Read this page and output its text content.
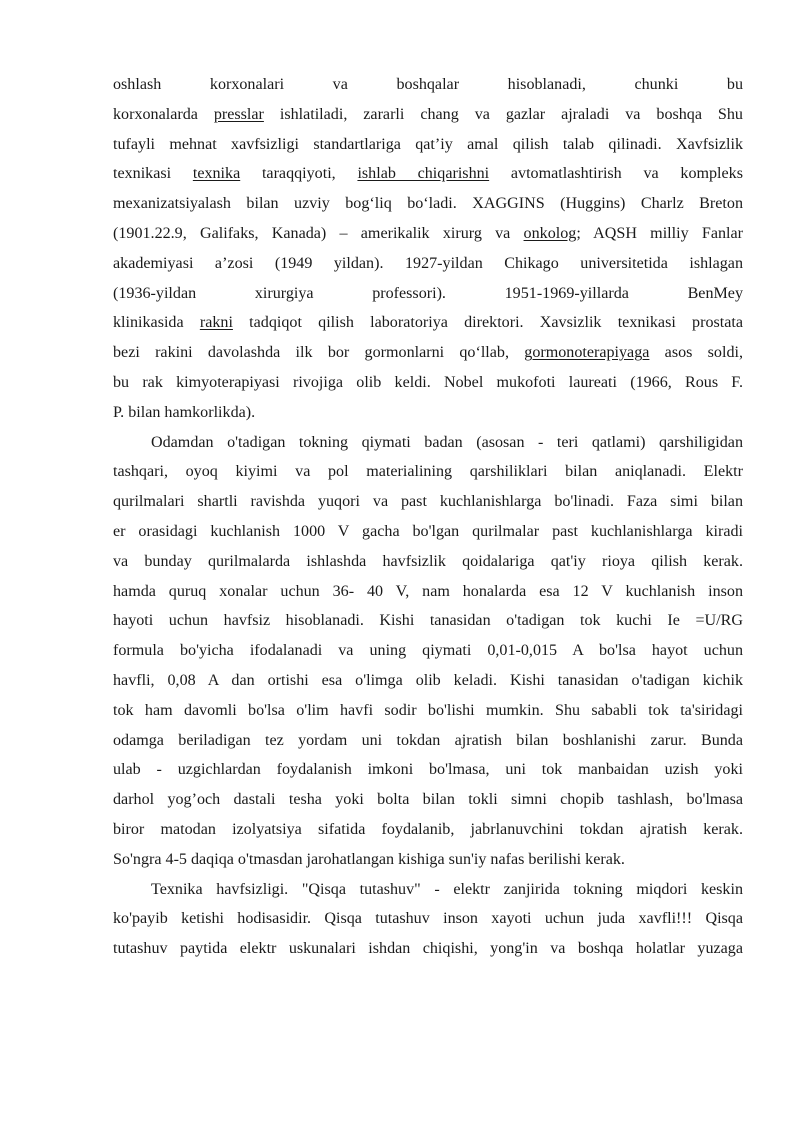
oshlash korxonalari va boshqalar hisoblanadi, chunki bu
korxonalarda presslar ishlatiladi, zararli chang va gazlar ajraladi va boshqa Shu
tufayli mehnat xavfsizligi standartlariga qat’iy amal qilish talab qilinadi. Xavfsizlik
texnikasi texnika taraqqiyoti, ishlab chiqarishni avtomatlashtirish va kompleks
mexanizatsiyalash bilan uzviy bog‘liq bo‘ladi. XAGGINS (Huggins) Charlz Breton
(1901.22.9, Galifaks, Kanada) – amerikalik xirurg va onkolog; AQSH milliy Fanlar
akademiyasi a’zosi (1949 yildan). 1927-yildan Chikago universitetida ishlagan
(1936-yildan xirurgiya professori). 1951-1969-yillarda BenMey
klinikasida rakni tadqiqot qilish laboratoriya direktori. Xavsizlik texnikasi prostata
bezi rakini davolashda ilk bor gormonlarni qo‘llab, gormonoterapiyaga asos soldi,
bu rak kimyoterapiyasi rivojiga olib keldi. Nobel mukofoti laureati (1966, Rous F.
P. bilan hamkorlikda).
Odamdan o'tadigan tokning qiymati badan (asosan - teri qatlami) qarshiligidan
tashqari, oyoq kiyimi va pol materialining qarshiliklari bilan aniqlanadi. Elektr
qurilmalari shartli ravishda yuqori va past kuchlanishlarga bo'linadi. Faza simi bilan
er orasidagi kuchlanish 1000 V gacha bo'lgan qurilmalar past kuchlanishlarga kiradi
va bunday qurilmalarda ishlashda havfsizlik qoidalariga qat'iy rioya qilish kerak.
hamda quruq xonalar uchun 36- 40 V, nam honalarda esa 12 V kuchlanish inson
hayoti uchun havfsiz hisoblanadi. Kishi tanasidan o'tadigan tok kuchi Ie =U/RG
formula bo'yicha ifodalanadi va uning qiymati 0,01-0,015 A bo'lsa hayot uchun
havfli, 0,08 A dan ortishi esa o'limga olib keladi. Kishi tanasidan o'tadigan kichik
tok ham davomli bo'lsa o'lim havfi sodir bo'lishi mumkin. Shu sababli tok ta'siridagi
odamga beriladigan tez yordam uni tokdan ajratish bilan boshlanishi zarur. Bunda
ulab - uzgichlardan foydalanish imkoni bo'lmasa, uni tok manbaidan uzish yoki
darhol yog’och dastali tesha yoki bolta bilan tokli simni chopib tashlash, bo'lmasa
biror matodan izolyatsiya sifatida foydalanib, jabrlanuvchini tokdan ajratish kerak.
So'ngra 4-5 daqiqa o'tmasdan jarohatlangan kishiga sun'iy nafas berilishi kerak.
Texnika havfsizligi. "Qisqa tutashuv" - elektr zanjirida tokning miqdori keskin
ko'payib ketishi hodisasidir. Qisqa tutashuv inson xayoti uchun juda xavfli!!! Qisqa
tutashuv paytida elektr uskunalari ishdan chiqishi, yong'in va boshqa holatlar yuzaga
